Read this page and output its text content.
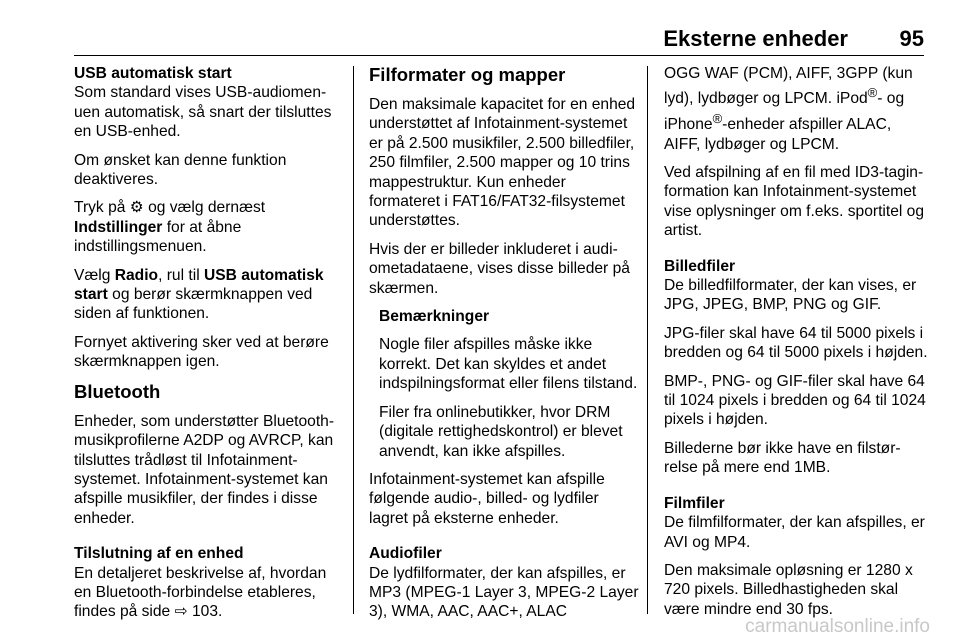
Eksterne enheder 95

USB automatisk start

Som standard vises USB-audiomenuen automatisk, så snart der tilsluttes en USB-enhed.

Om ønsket kan denne funktion deaktiveres.

Tryk på ⚙ og vælg dernæst Indstillinger for at åbne indstillingsmenuen.

Vælg Radio, rul til USB automatisk start og berør skærmknappen ved siden af funktionen.

Fornyet aktivering sker ved at berøre skærmknappen igen.

Bluetooth

Enheder, som understøtter Bluetooth-musikprofilerne A2DP og AVRCP, kan tilsluttes trådløst til Infotainment-systemet. Infotainment-systemet kan afspille musikfiler, der findes i disse enheder.

Tilslutning af en enhed

En detaljeret beskrivelse af, hvordan en Bluetooth-forbindelse etableres, findes på side ⇨ 103.

Filformater og mapper

Den maksimale kapacitet for en enhed understøttet af Infotainment-systemet er på 2.500 musikfiler, 2.500 billedfiler, 250 filmfiler, 2.500 mapper og 10 trins mappestruktur. Kun enheder formateret i FAT16/FAT32-filsystemet understøttes.

Hvis der er billeder inkluderet i audiometadataene, vises disse billeder på skærmen.

Bemærkninger

Nogle filer afspilles måske ikke korrekt. Det kan skyldes et andet indspilningsformat eller filens tilstand.

Filer fra onlinebutikker, hvor DRM (digitale rettighedskontrol) er blevet anvendt, kan ikke afspilles.

Infotainment-systemet kan afspille følgende audio-, billed- og lydfiler lagret på eksterne enheder.

Audiofiler

De lydfilformater, der kan afspilles, er MP3 (MPEG-1 Layer 3, MPEG-2 Layer 3), WMA, AAC, AAC+, ALAC

OGG WAF (PCM), AIFF, 3GPP (kun lyd), lydbøger og LPCM. iPod®- og iPhone®-enheder afspiller ALAC, AIFF, lydbøger og LPCM.

Ved afspilning af en fil med ID3-taginformation kan Infotainment-systemet vise oplysninger om f.eks. sportitel og artist.

Billedfiler

De billedfilformater, der kan vises, er JPG, JPEG, BMP, PNG og GIF.

JPG-filer skal have 64 til 5000 pixels i bredden og 64 til 5000 pixels i højden.

BMP-, PNG- og GIF-filer skal have 64 til 1024 pixels i bredden og 64 til 1024 pixels i højden.

Billederne bør ikke have en filstørrelse på mere end 1MB.

Filmfiler

De filmfilformater, der kan afspilles, er AVI og MP4.

Den maksimale opløsning er 1280 x 720 pixels. Billedhastigheden skal være mindre end 30 fps.

carmanualsonline.info
